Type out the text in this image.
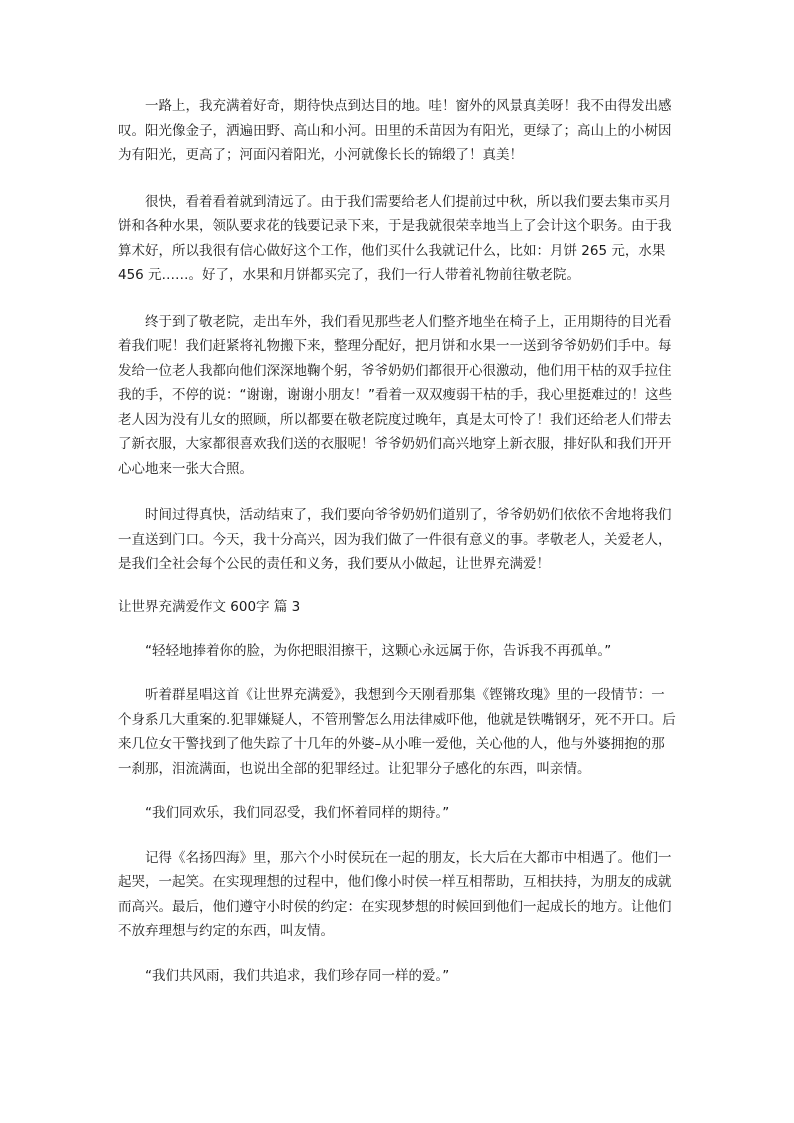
一路上，我充满着好奇，期待快点到达目的地。哇！窗外的风景真美呀！我不由得发出感叹。阳光像金子，洒遍田野、高山和小河。田里的禾苗因为有阳光，更绿了；高山上的小树因为有阳光，更高了；河面闪着阳光，小河就像长长的锦缎了！真美！

很快，看着看着就到清远了。由于我们需要给老人们提前过中秋，所以我们要去集市买月饼和各种水果，领队要求花的钱要记录下来，于是我就很荣幸地当上了会计这个职务。由于我算术好，所以我很有信心做好这个工作，他们买什么我就记什么，比如：月饼 265 元，水果 456 元……。好了，水果和月饼都买完了，我们一行人带着礼物前往敬老院。

终于到了敬老院，走出车外，我们看见那些老人们整齐地坐在椅子上，正用期待的目光看着我们呢！我们赶紧将礼物搬下来，整理分配好，把月饼和水果一一送到爷爷奶奶们手中。每发给一位老人我都向他们深深地鞠个躬，爷爷奶奶们都很开心很激动，他们用干枯的双手拉住我的手，不停的说：“谢谢，谢谢小朋友！”看着一双双瘦弱干枯的手，我心里挺难过的！这些老人因为没有儿女的照顾，所以都要在敬老院度过晚年，真是太可怜了！我们还给老人们带去了新衣服，大家都很喜欢我们送的衣服呢！爷爷奶奶们高兴地穿上新衣服，排好队和我们开开心心地来一张大合照。

时间过得真快，活动结束了，我们要向爷爷奶奶们道别了，爷爷奶奶们依依不舍地将我们一直送到门口。今天，我十分高兴，因为我们做了一件很有意义的事。孝敬老人，关爱老人，是我们全社会每个公民的责任和义务，我们要从小做起，让世界充满爱！

让世界充满爱作文 600字 篇 3

“轻轻地捧着你的脸，为你把眼泪擦干，这颗心永远属于你，告诉我不再孤单。”

听着群星唱这首《让世界充满爱》，我想到今天刚看那集《铿锵玫瑰》里的一段情节：一个身系几大重案的.犯罪嫌疑人，不管刑警怎么用法律威吓他，他就是铁嘴钢牙，死不开口。后来几位女干警找到了他失踪了十几年的外婆–从小唯一爱他，关心他的人，他与外婆拥抱的那一刹那，泪流满面，也说出全部的犯罪经过。让犯罪分子感化的东西，叫亲情。

“我们同欢乐，我们同忍受，我们怀着同样的期待。”

记得《名扬四海》里，那六个小时侯玩在一起的朋友，长大后在大都市中相遇了。他们一起哭，一起笑。在实现理想的过程中，他们像小时侯一样互相帮助，互相扶持，为朋友的成就而高兴。最后，他们遵守小时侯的约定：在实现梦想的时候回到他们一起成长的地方。让他们不放弃理想与约定的东西，叫友情。

“我们共风雨，我们共追求，我们珍存同一样的爱。”
